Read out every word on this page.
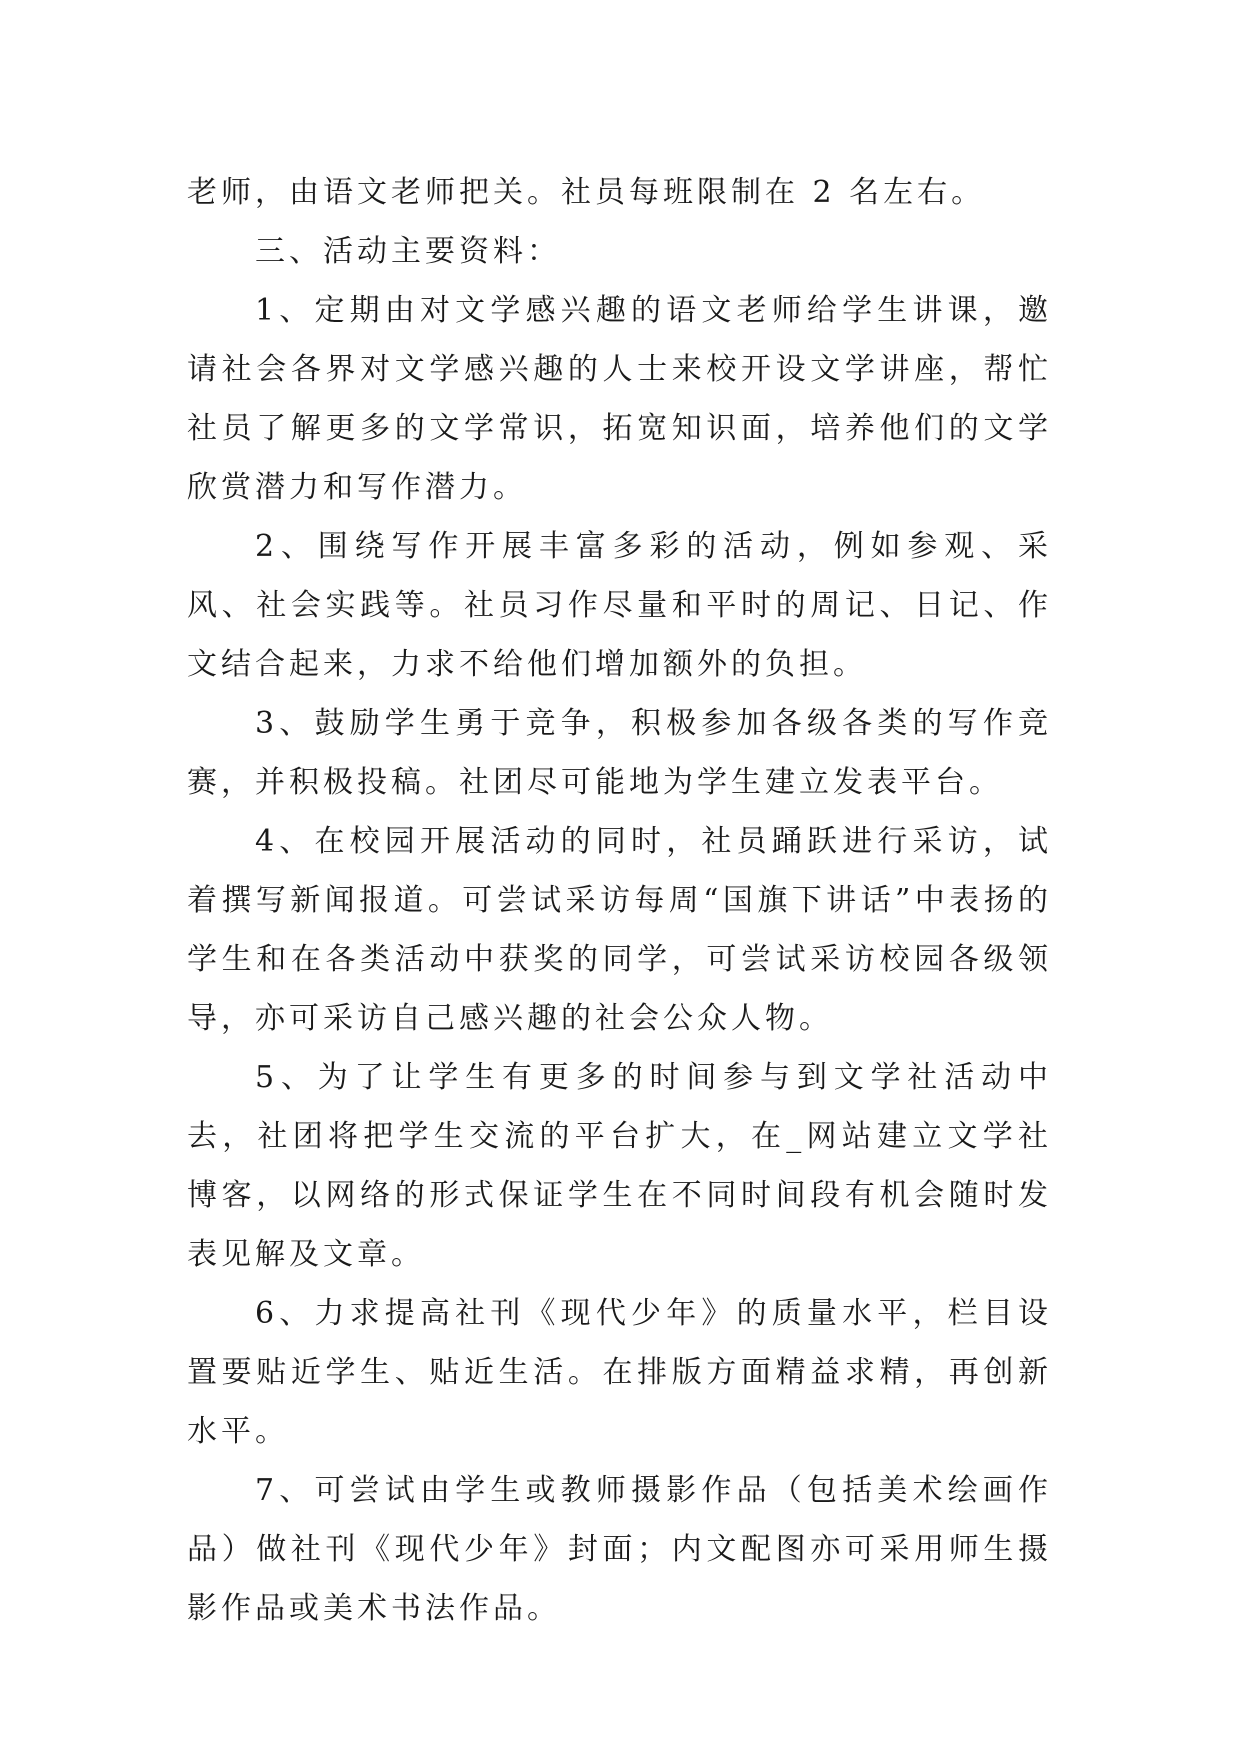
老师，由语文老师把关。社员每班限制在 2 名左右。

三、活动主要资料：

1、定期由对文学感兴趣的语文老师给学生讲课，邀请社会各界对文学感兴趣的人士来校开设文学讲座，帮忙社员了解更多的文学常识，拓宽知识面，培养他们的文学欣赏潜力和写作潜力。

2、围绕写作开展丰富多彩的活动，例如参观、采风、社会实践等。社员习作尽量和平时的周记、日记、作文结合起来，力求不给他们增加额外的负担。

3、鼓励学生勇于竞争，积极参加各级各类的写作竞赛，并积极投稿。社团尽可能地为学生建立发表平台。

4、在校园开展活动的同时，社员踊跃进行采访，试着撰写新闻报道。可尝试采访每周“国旗下讲话”中表扬的学生和在各类活动中获奖的同学，可尝试采访校园各级领导，亦可采访自己感兴趣的社会公众人物。

5、为了让学生有更多的时间参与到文学社活动中去，社团将把学生交流的平台扩大，在_网站建立文学社博客，以网络的形式保证学生在不同时间段有机会随时发表见解及文章。

6、力求提高社刊《现代少年》的质量水平，栏目设置要贴近学生、贴近生活。在排版方面精益求精，再创新水平。

7、可尝试由学生或教师摄影作品（包括美术绘画作品）做社刊《现代少年》封面；内文配图亦可采用师生摄影作品或美术书法作品。
